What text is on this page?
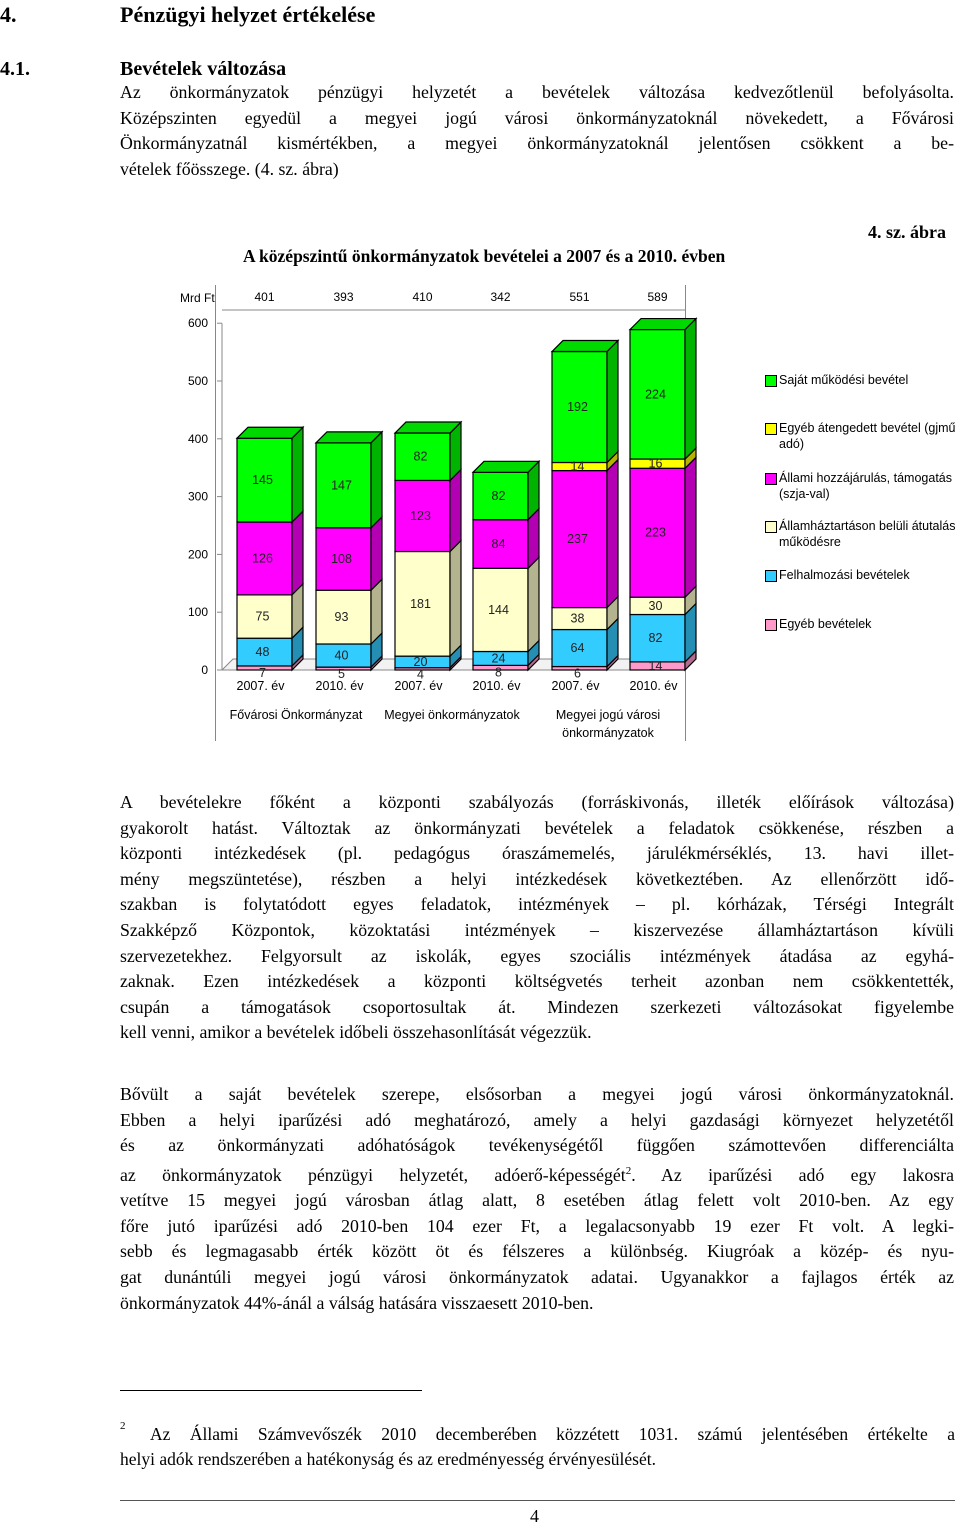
4.	Pénzügyi helyzet értékelése
4.1.	Bevételek változása
Az önkormányzatok pénzügyi helyzetét a bevételek változása kedvezőtlenül befolyásolta.
Középszinten egyedül a megyei jogú városi önkormányzatoknál növekedett, a Fővárosi
Önkormányzatnál kismértékben, a megyei önkormányzatoknál jelentősen csökkent a be-
vételek főösszege. (4. sz. ábra)
4. sz. ábra
A középszintű önkormányzatok bevételei a 2007 és a 2010. évben
600
500
400
300
200
100
0
401	393	410	342	551	589
7
48
75
126
145
5
40
93
108
147
4
20
181
123
82
8
24
144
84
82
6
64
38
237
14
192
14
82
30
223
16
224
2007. év 2010. év 2007. év 2010. év 2007. év 2010. év
Fővárosi Önkormányzat Megyei önkormányzatok	Megyei jogú városi
önkormányzatok
Mrd Ft
Saját működési bevétel
Egyéb átengedett bevétel (gjmű adó)
Állami hozzájárulás, támogatás (szja-val)
Államháztartáson belüli átutalás működésre
Felhalmozási bevételek
Egyéb bevételek
A bevételekre főként a központi szabályozás (forráskivonás, illeték előírások változása)
gyakorolt hatást. Változtak az önkormányzati bevételek a feladatok csökkenése, részben a
központi intézkedések (pl. pedagógus óraszámemelés, járulékmérséklés, 13. havi illet-
mény megszüntetése), részben a helyi intézkedések következtében. Az ellenőrzött idő-
szakban is folytatódott egyes feladatok, intézmények – pl. kórházak, Térségi Integrált
Szakképző Központok, közoktatási intézmények – kiszervezése államháztartáson kívüli
szervezetekhez. Felgyorsult az iskolák, egyes szociális intézmények átadása az egyhá-
zaknak. Ezen intézkedések a központi költségvetés terheit azonban nem csökkentették,
csupán a támogatások csoportosultak át. Mindezen szerkezeti változásokat figyelembe
kell venni, amikor a bevételek időbeli összehasonlítását végezzük.
Bővült a saját bevételek szerepe, elsősorban a megyei jogú városi önkormányzatoknál.
Ebben a helyi iparűzési adó meghatározó, amely a helyi gazdasági környezet helyzetétől
és az önkormányzati adóhatóságok tevékenységétől függően számottevően differenciálta
az önkormányzatok pénzügyi helyzetét, adóerő-képességét$^2$. Az iparűzési adó egy lakosra
vetítve 15 megyei jogú városban átlag alatt, 8 esetében átlag felett volt 2010-ben. Az egy
főre jutó iparűzési adó 2010-ben 104 ezer Ft, a legalacsonyabb 19 ezer Ft volt. A legki-
sebb és legmagasabb érték között öt és félszeres a különbség. Kiugróak a közép- és nyu-
gat dunántúli megyei jogú városi önkormányzatok adatai. Ugyanakkor a fajlagos érték az
önkormányzatok 44%-ánál a válság hatására visszaesett 2010-ben.
2 Az Állami Számvevőszék 2010 decemberében közzétett 1031. számú jelentésében értékelte a
helyi adók rendszerében a hatékonyság és az eredményesség érvényesülését.
4
